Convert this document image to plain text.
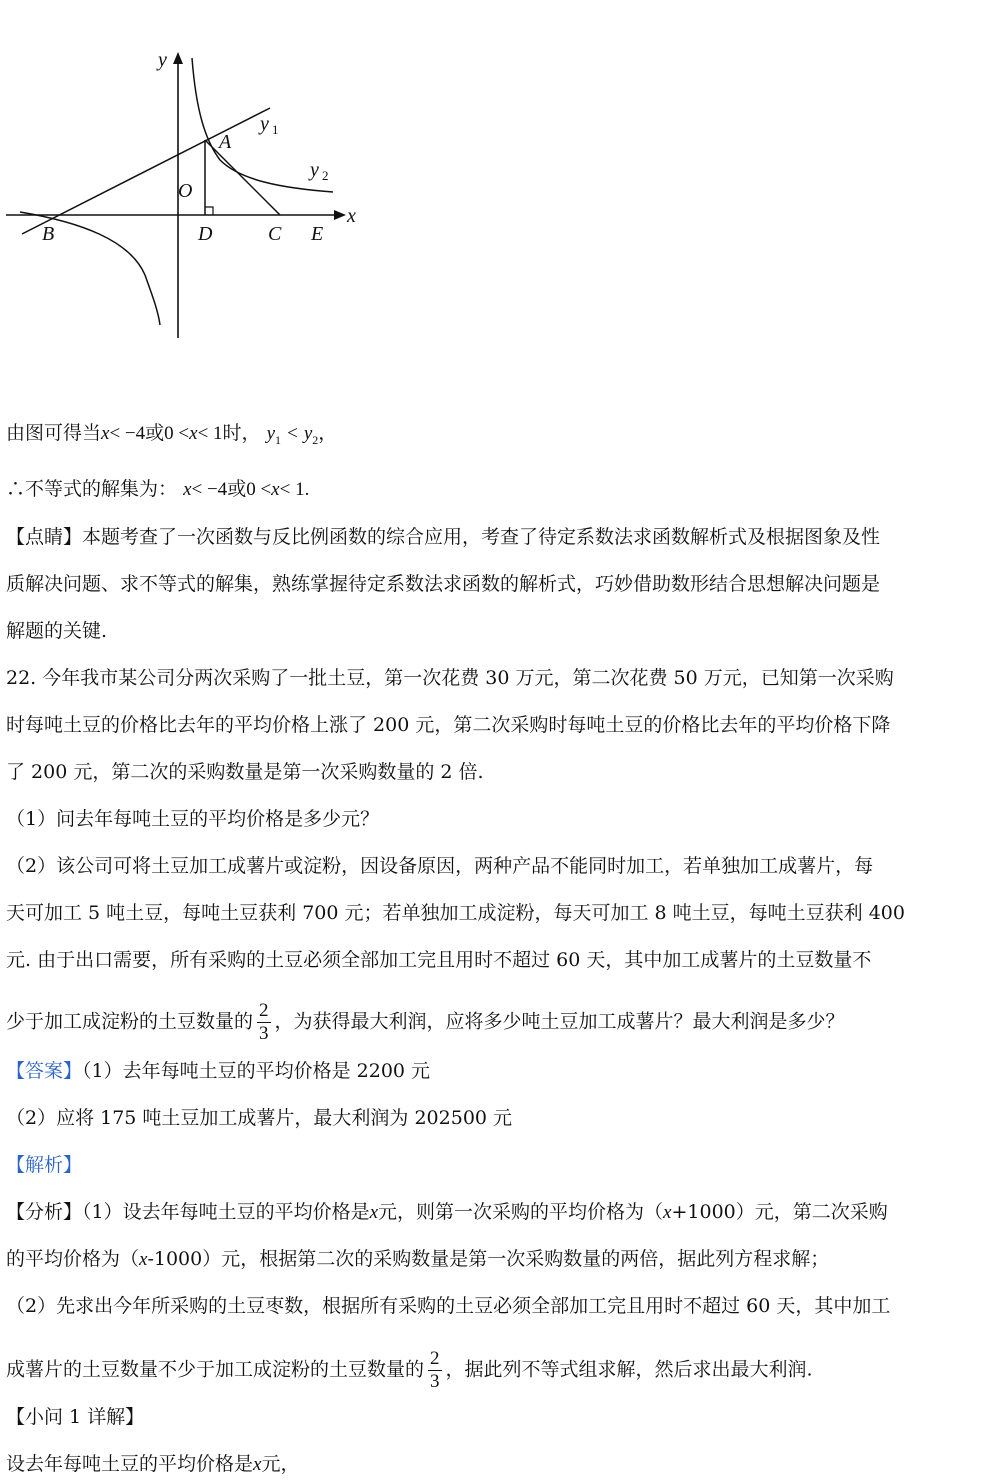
y
x
O
A
B	D	C E
y 1
y 2
由图可得当x< −4或0 <x< 1时， $y_1 < y_2$，
∴不等式的解集为： x< −4或0 <x< 1.
【点睛】本题考查了一次函数与反比例函数的综合应用，考查了待定系数法求函数解析式及根据图象及性
质解决问题、求不等式的解集，熟练掌握待定系数法求函数的解析式，巧妙借助数形结合思想解决问题是
解题的关键.
22. 今年我市某公司分两次采购了一批土豆，第一次花费 30 万元，第二次花费 50 万元，已知第一次采购
时每吨土豆的价格比去年的平均价格上涨了 200 元，第二次采购时每吨土豆的价格比去年的平均价格下降
了 200 元，第二次的采购数量是第一次采购数量的 2 倍.
（1）问去年每吨土豆的平均价格是多少元？
（2）该公司可将土豆加工成薯片或淀粉，因设备原因，两种产品不能同时加工，若单独加工成薯片，每
天可加工 5 吨土豆，每吨土豆获利 700 元；若单独加工成淀粉，每天可加工 8 吨土豆，每吨土豆获利 400
元. 由于出口需要，所有采购的土豆必须全部加工完且用时不超过 60 天，其中加工成薯片的土豆数量不
少于加工成淀粉的土豆数量的 $\frac{2}{3}$ ，为获得最大利润，应将多少吨土豆加工成薯片？最大利润是多少？
【答案】（1）去年每吨土豆的平均价格是 2200 元
（2）应将 175 吨土豆加工成薯片，最大利润为 202500 元
【解析】
【分析】（1）设去年每吨土豆的平均价格是x元，则第一次采购的平均价格为（x+1000）元，第二次采购
的平均价格为（x-1000）元，根据第二次的采购数量是第一次采购数量的两倍，据此列方程求解；
（2）先求出今年所采购的土豆枣数，根据所有采购的土豆必须全部加工完且用时不超过 60 天，其中加工
成薯片的土豆数量不少于加工成淀粉的土豆数量的 $\frac{2}{3}$ ，据此列不等式组求解，然后求出最大利润.
【小问 1 详解】
设去年每吨土豆的平均价格是x元，
